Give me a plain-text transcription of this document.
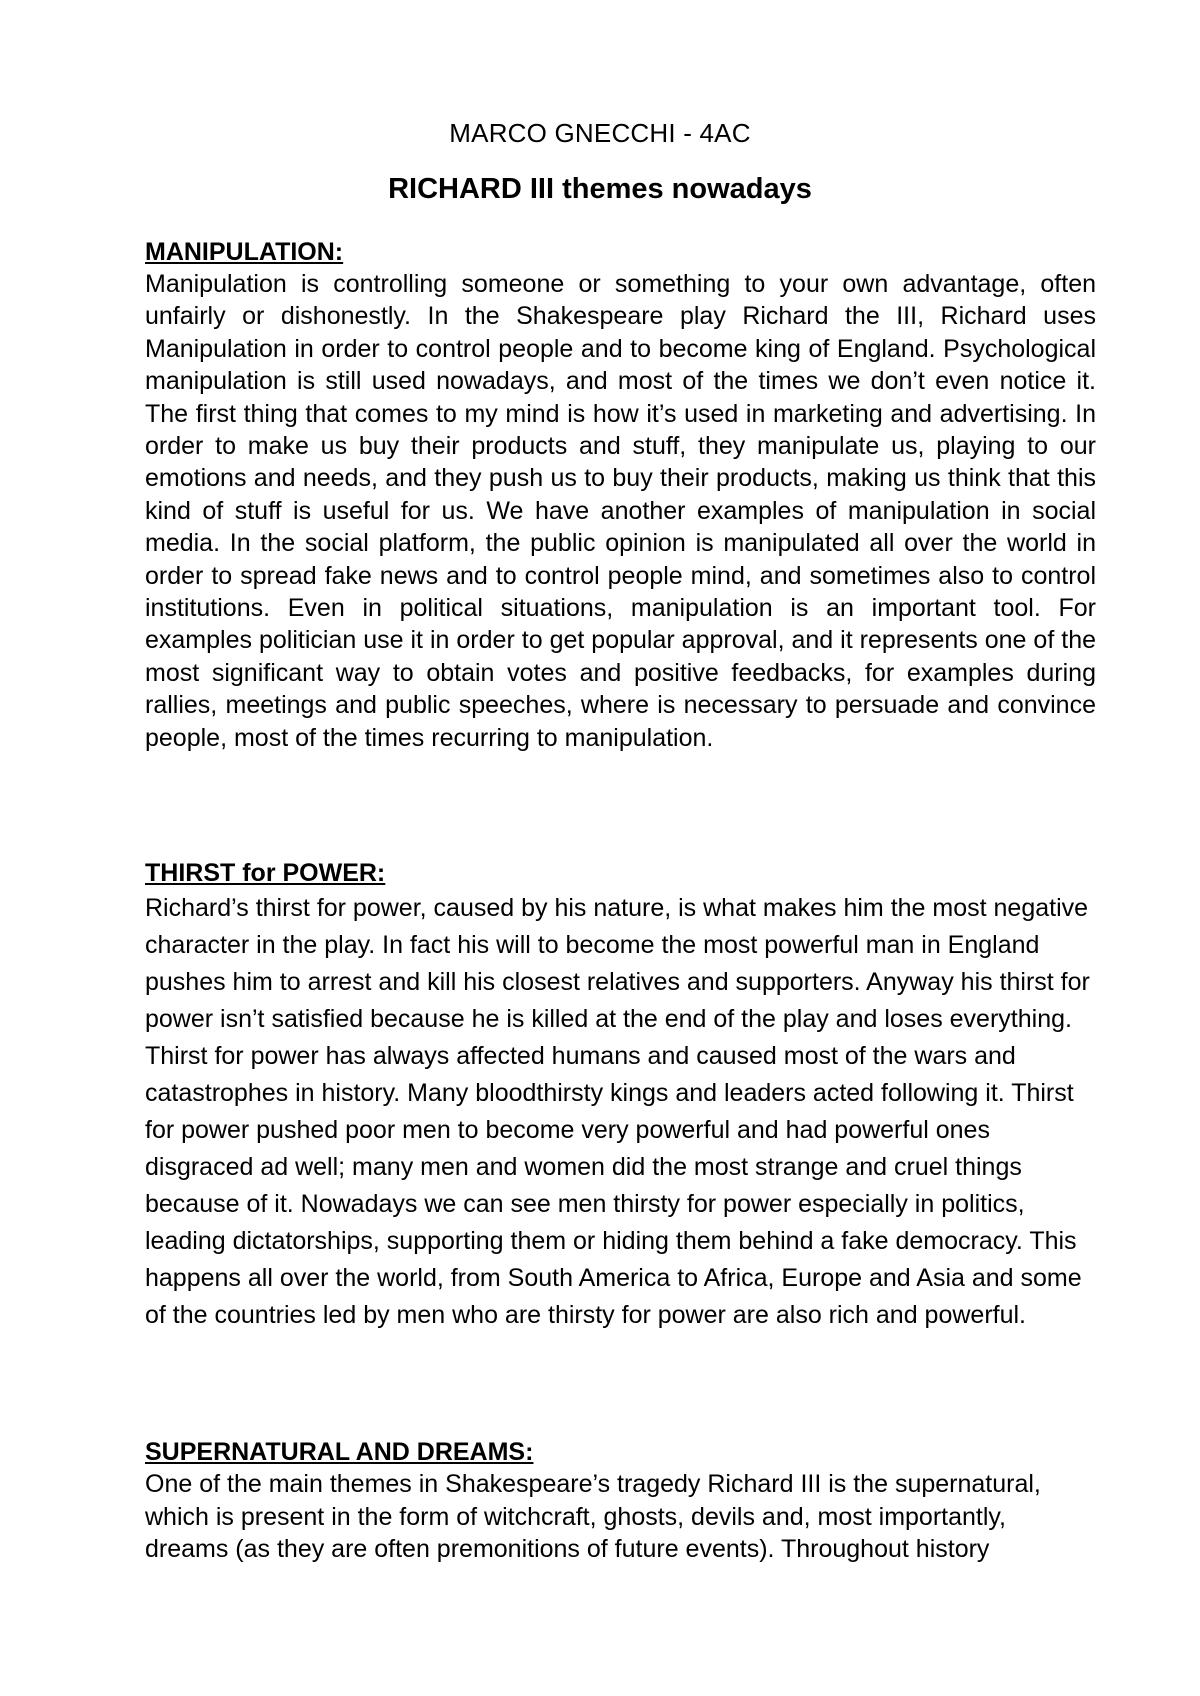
MARCO GNECCHI - 4AC
RICHARD III themes nowadays
MANIPULATION:

Manipulation is controlling someone or something to your own advantage, often unfairly or dishonestly. In the Shakespeare play Richard the III, Richard uses Manipulation in order to control people and to become king of England. Psychological manipulation is still used nowadays, and most of the times we don’t even notice it. The first thing that comes to my mind is how it’s used in marketing and advertising. In order to make us buy their products and stuff, they manipulate us, playing to our emotions and needs, and they push us to buy their products, making us think that this kind of stuff is useful for us. We have another examples of manipulation in social media. In the social platform, the public opinion is manipulated all over the world in order to spread fake news and to control people mind, and sometimes also to control institutions. Even in political situations, manipulation is an important tool. For examples politician use it in order to get popular approval, and it represents one of the most significant way to obtain votes and positive feedbacks, for examples during rallies, meetings and public speeches, where is necessary to persuade and convince people, most of the times recurring to manipulation.

THIRST for POWER:

Richard’s thirst for power, caused by his nature, is what makes him the most negative character in the play. In fact his will to become the most powerful man in England pushes him to arrest and kill his closest relatives and supporters. Anyway his thirst for power isn’t satisfied because he is killed at the end of the play and loses everything.

Thirst for power has always affected humans and caused most of the wars and catastrophes in history. Many bloodthirsty kings and leaders acted following it. Thirst for power pushed poor men to become very powerful and had powerful ones disgraced ad well; many men and women did the most strange and cruel things because of it. Nowadays we can see men thirsty for power especially in politics, leading dictatorships, supporting them or hiding them behind a fake democracy. This happens all over the world, from South America to Africa, Europe and Asia and some of the countries led by men who are thirsty for power are also rich and powerful.

SUPERNATURAL AND DREAMS:

One of the main themes in Shakespeare’s tragedy Richard III is the supernatural, which is present in the form of witchcraft, ghosts, devils and, most importantly, dreams (as they are often premonitions of future events). Throughout history
